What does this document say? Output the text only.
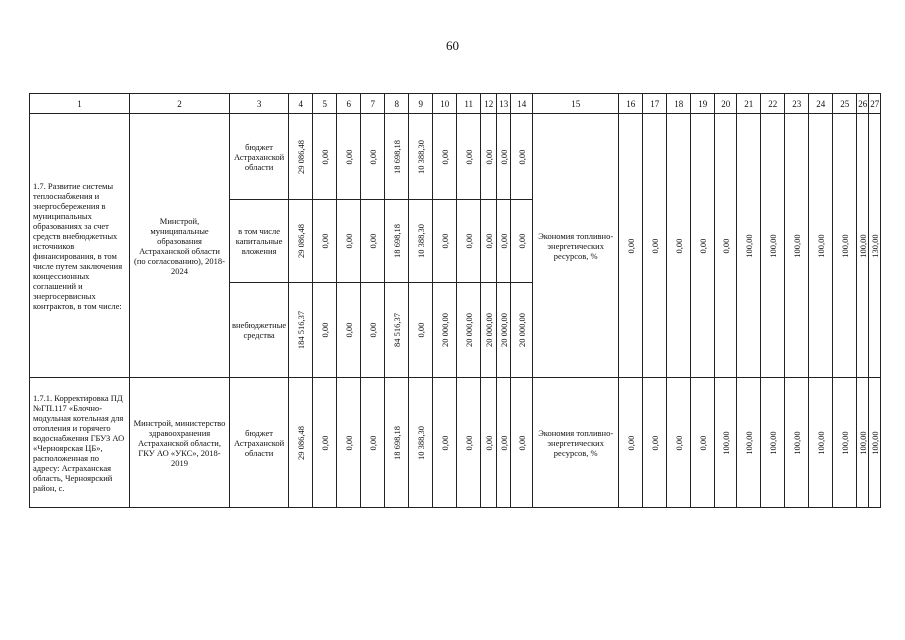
60
1	2	3	4	5	6	7	8	9	10	11	12	13	14	15	16	17	18	19	20	21	22	23	24	25	26	27
1.7. Развитие системы теплоснабжения и энергосбережения в муниципальных образованиях за счет средств внебюджетных источников финансирования, в том числе путем заключения концессионных соглашений и энергосервисных контрактов, в том числе:	Минстрой, муниципальные образования Астраханской области (по согласованию), 2018-2024	бюджет Астраханской области	29 086,48	0,00	0,00	0,00	18 698,18	10 388,30	0,00	0,00	0,00	0,00	0,00	Экономия топливно-энергетических ресурсов, %	0,00	0,00	0,00	0,00	0,00	100,00	100,00	100,00	100,00	100,00	100,00	130,00

		в том числе капитальные вложения	29 086,48	0,00	0,00	0,00	18 698,18	10 388,30	0,00	0,00	0,00	0,00	0,00													

		внебюджетные средства	184 516,37	0,00	0,00	0,00	84 516,37	0,00	20 000,00	20 000,00	20 000,00	20 000,00	20 000,00													

1.7.1. Корректировка ПД №ГП.117 «Блочно-модульная котельная для отопления и горячего водоснабжения ГБУЗ АО «Черноярская ЦБ», расположенная по адресу: Астраханская область, Черноярский район, с.	Минстрой, министерство здравоохранения Астраханской области, ГКУ АО «УКС», 2018-2019	бюджет Астраханской области	29 086,48	0,00	0,00	0,00	18 698,18	10 388,30	0,00	0,00	0,00	0,00	0,00	Экономия топливно-энергетических ресурсов, %	0,00	0,00	0,00	0,00	100,00	100,00	100,00	100,00	100,00	100,00	100,00	100,00
